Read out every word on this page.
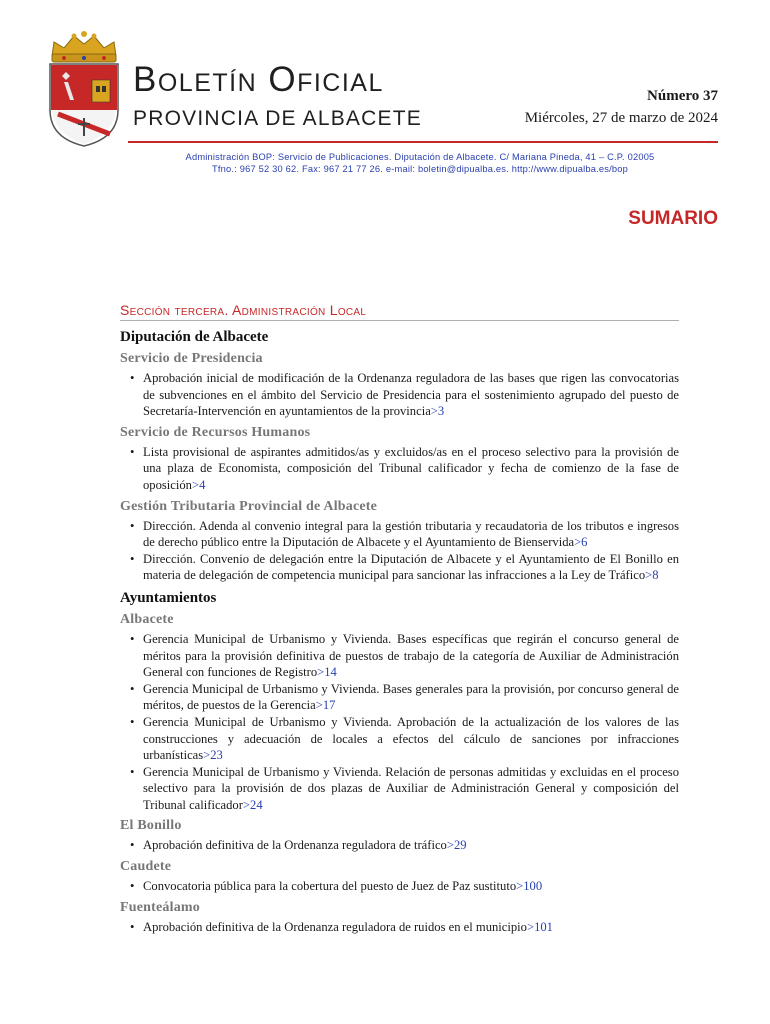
Boletín Oficial
PROVINCIA DE ALBACETE
Número 37
Miércoles, 27 de marzo de 2024
Administración BOP: Servicio de Publicaciones. Diputación de Albacete. C/ Mariana Pineda, 41 – C.P. 02005
Tfno.: 967 52 30 62. Fax: 967 21 77 26. e-mail: boletin@dipualba.es. http://www.dipualba.es/bop
SUMARIO
Sección tercera. Administración Local
Diputación de Albacete
Servicio de Presidencia
• Aprobación inicial de modificación de la Ordenanza reguladora de las bases que rigen las convocatorias de subvenciones en el ámbito del Servicio de Presidencia para el sostenimiento agrupado del puesto de Secretaría-Intervención en ayuntamientos de la provincia>3
Servicio de Recursos Humanos
• Lista provisional de aspirantes admitidos/as y excluidos/as en el proceso selectivo para la provisión de una plaza de Economista, composición del Tribunal calificador y fecha de comienzo de la fase de oposición>4
Gestión Tributaria Provincial de Albacete
• Dirección. Adenda al convenio integral para la gestión tributaria y recaudatoria de los tributos e ingresos de derecho público entre la Diputación de Albacete y el Ayuntamiento de Bienservida>6
• Dirección. Convenio de delegación entre la Diputación de Albacete y el Ayuntamiento de El Bonillo en materia de delegación de competencia municipal para sancionar las infracciones a la Ley de Tráfico>8
Ayuntamientos
Albacete
• Gerencia Municipal de Urbanismo y Vivienda. Bases específicas que regirán el concurso general de méritos para la provisión definitiva de puestos de trabajo de la categoría de Auxiliar de Administración General con funciones de Registro>14
• Gerencia Municipal de Urbanismo y Vivienda. Bases generales para la provisión, por concurso general de méritos, de puestos de la Gerencia>17
• Gerencia Municipal de Urbanismo y Vivienda. Aprobación de la actualización de los valores de las construcciones y adecuación de locales a efectos del cálculo de sanciones por infracciones urbanísticas>23
• Gerencia Municipal de Urbanismo y Vivienda. Relación de personas admitidas y excluidas en el proceso selectivo para la provisión de dos plazas de Auxiliar de Administración General y composición del Tribunal calificador>24
El Bonillo
• Aprobación definitiva de la Ordenanza reguladora de tráfico>29
Caudete
• Convocatoria pública para la cobertura del puesto de Juez de Paz sustituto>100
Fuenteálamo
• Aprobación definitiva de la Ordenanza reguladora de ruidos en el municipio>101
